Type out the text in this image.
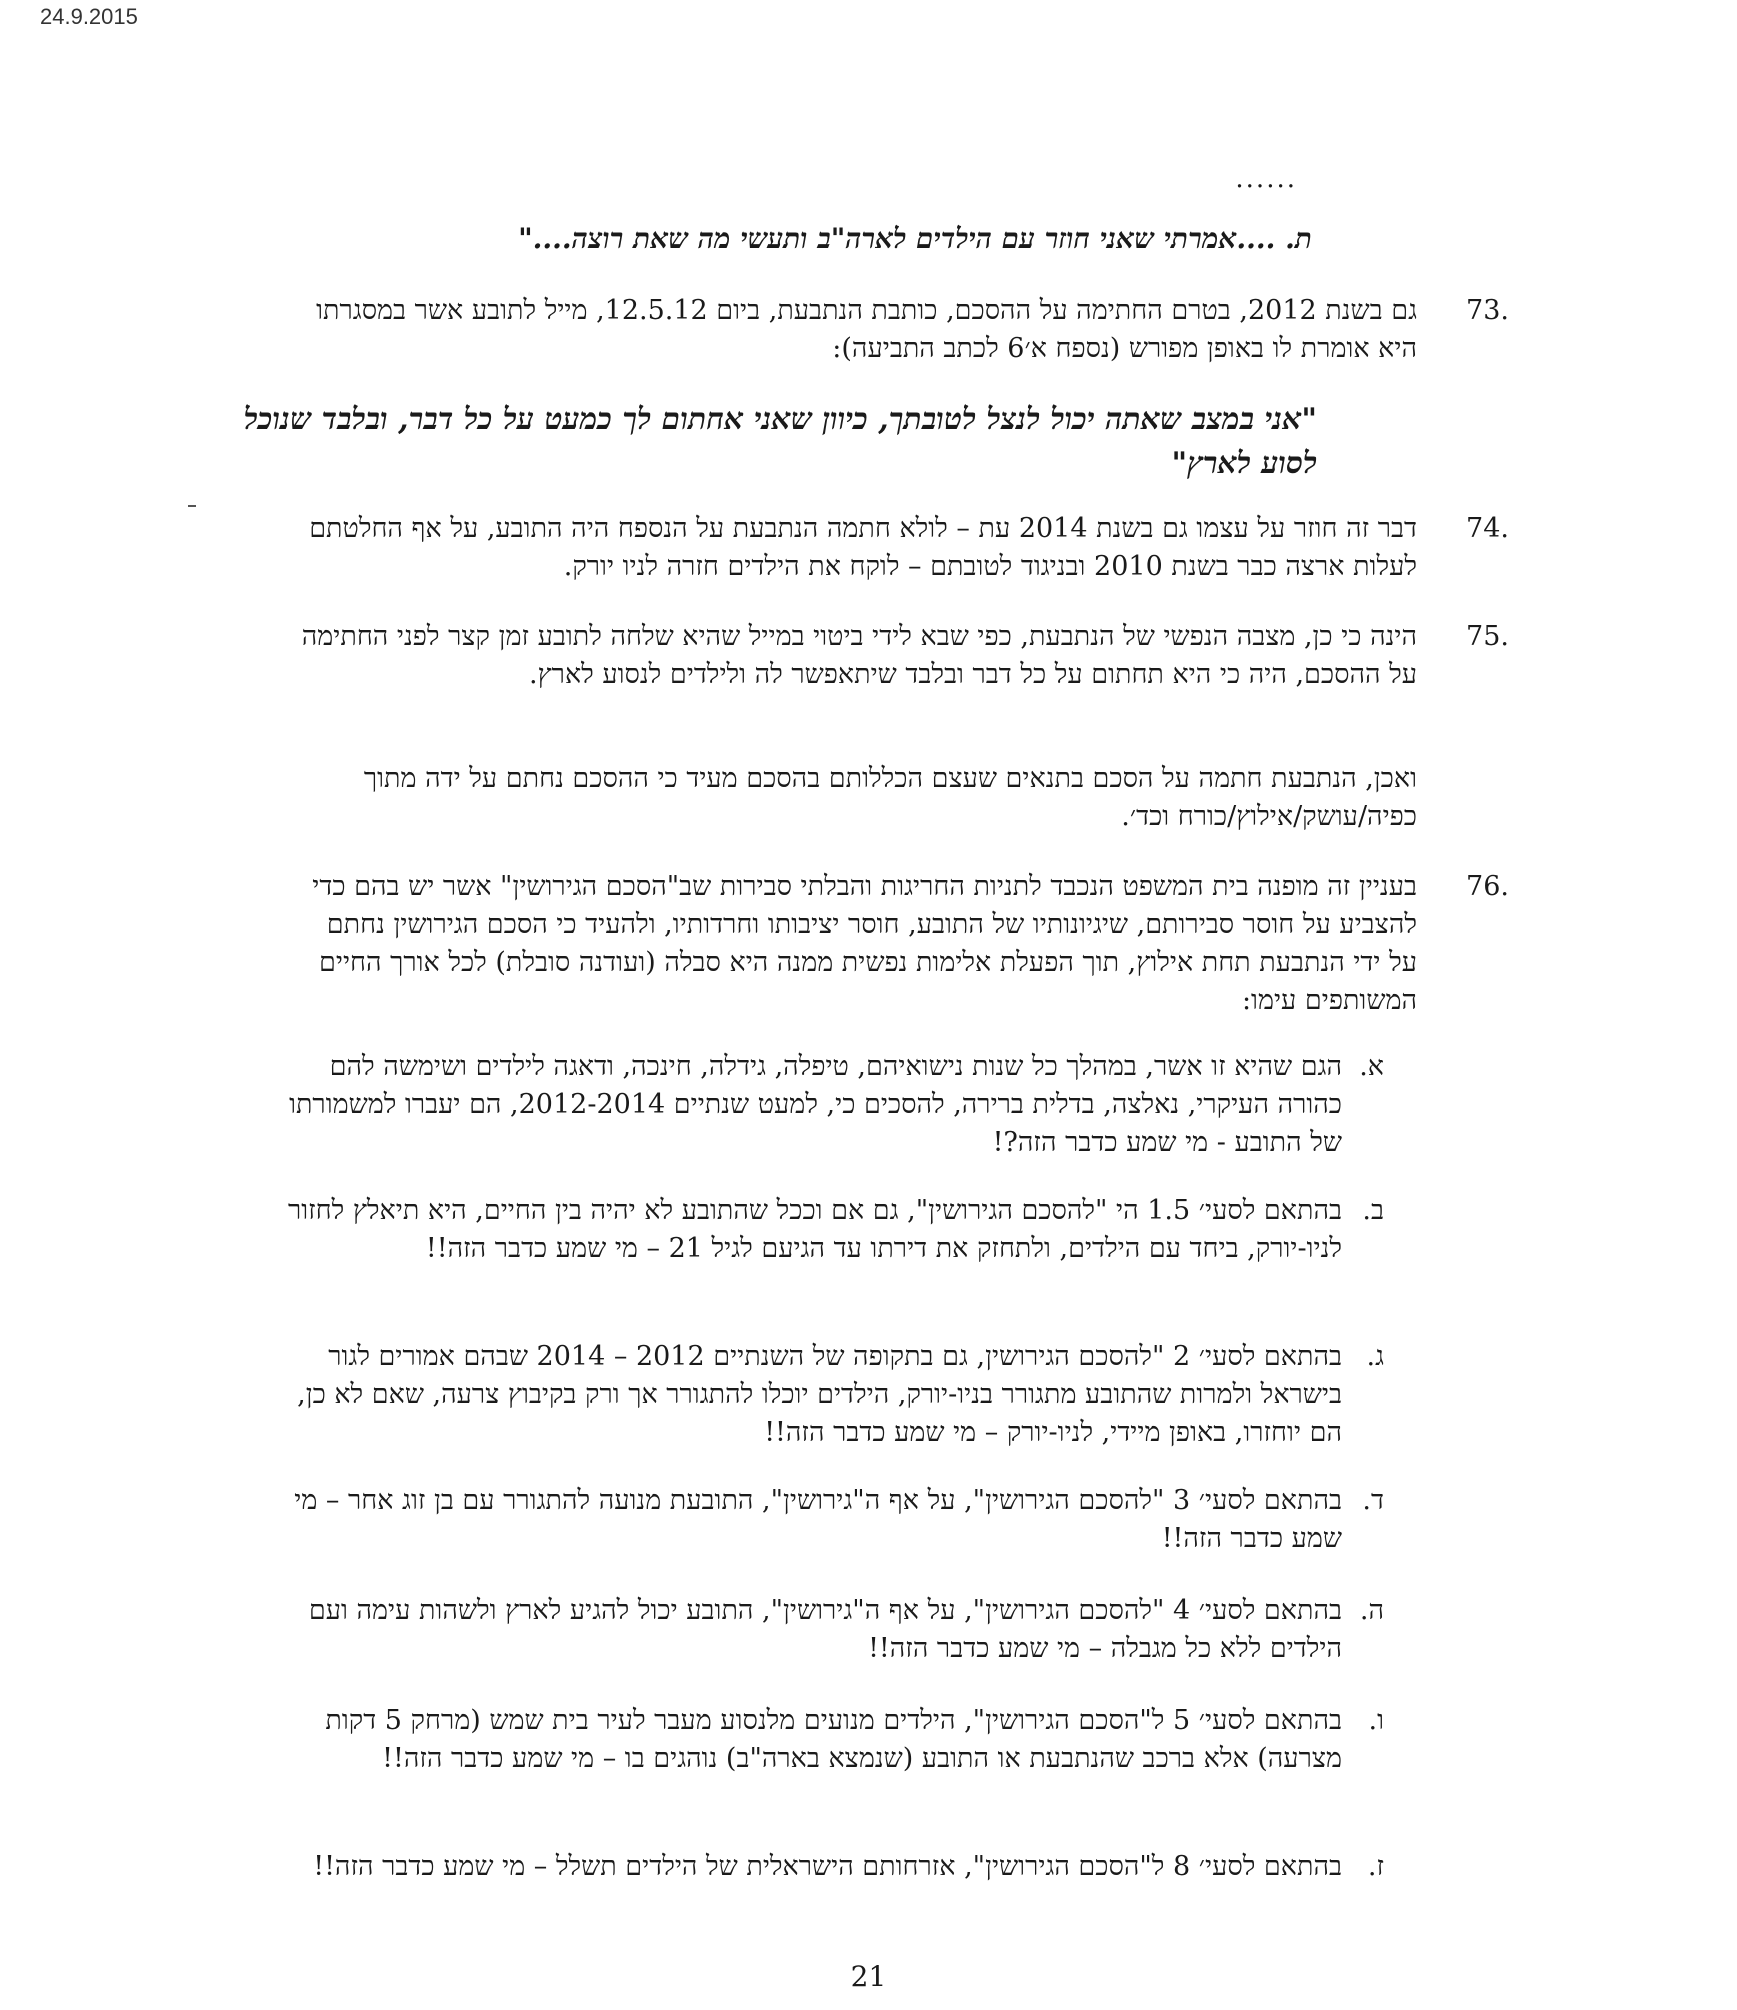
24.9.2015
......
ת. ....אמרתי שאני חוזר עם הילדים לארה"ב ותעשי מה שאת רוצה...."
73.
גם בשנת 2012, בטרם החתימה על ההסכם, כותבת הנתבעת, ביום 12.5.12, מייל לתובע אשר במסגרתו היא אומרת לו באופן מפורש (נספח א׳6 לכתב התביעה):
"אני במצב שאתה יכול לנצל לטובתך, כיוון שאני אחתום לך כמעט על כל דבר, ובלבד שנוכל לסוע לארץ"
74.
דבר זה חוזר על עצמו גם בשנת 2014 עת – לולא חתמה הנתבעת על הנספח היה התובע, על אף החלטתם לעלות ארצה כבר בשנת 2010 ובניגוד לטובתם – לוקח את הילדים חזרה לניו יורק.
75.
הינה כי כן, מצבה הנפשי של הנתבעת, כפי שבא לידי ביטוי במייל שהיא שלחה לתובע זמן קצר לפני החתימה על ההסכם, היה כי היא תחתום על כל דבר ובלבד שיתאפשר לה ולילדים לנסוע לארץ.
ואכן, הנתבעת חתמה על הסכם בתנאים שעצם הכללותם בהסכם מעיד כי ההסכם נחתם על ידה מתוך כפיה/עושק/אילוץ/כורח וכד׳.
76.
בעניין זה מופנה בית המשפט הנכבד לתניות החריגות והבלתי סבירות שב"הסכם הגירושין" אשר יש בהם כדי להצביע על חוסר סבירותם, שיגיונותיו של התובע, חוסר יציבותו וחרדותיו, ולהעיד כי הסכם הגירושין נחתם על ידי הנתבעת תחת אילוץ, תוך הפעלת אלימות נפשית ממנה היא סבלה (ועודנה סובלת) לכל אורך החיים המשותפים עימו:
א.
הגם שהיא זו אשר, במהלך כל שנות נישואיהם, טיפלה, גידלה, חינכה, ודאגה לילדים ושימשה להם כהורה העיקרי, נאלצה, בדלית ברירה, להסכים כי, למעט שנתיים 2012-2014, הם יעברו למשמורתו של התובע - מי שמע כדבר הזה?!
ב.
בהתאם לסעי׳ 1.5 הי "להסכם הגירושין", גם אם וככל שהתובע לא יהיה בין החיים, היא תיאלץ לחזור לניו-יורק, ביחד עם הילדים, ולתחזק את דירתו עד הגיעם לגיל 21 – מי שמע כדבר הזה!!
ג.
בהתאם לסעי׳ 2 "להסכם הגירושין, גם בתקופה של השנתיים 2012 – 2014 שבהם אמורים לגור בישראל ולמרות שהתובע מתגורר בניו-יורק, הילדים יוכלו להתגורר אך ורק בקיבוץ צרעה, שאם לא כן, הם יוחזרו, באופן מיידי, לניו-יורק – מי שמע כדבר הזה!!
ד.
בהתאם לסעי׳ 3 "להסכם הגירושין", על אף ה"גירושין", התובעת מנועה להתגורר עם בן זוג אחר – מי שמע כדבר הזה!!
ה.
בהתאם לסעי׳ 4 "להסכם הגירושין", על אף ה"גירושין", התובע יכול להגיע לארץ ולשהות עימה ועם הילדים ללא כל מגבלה – מי שמע כדבר הזה!!
ו.
בהתאם לסעי׳ 5 ל"הסכם הגירושין", הילדים מנועים מלנסוע מעבר לעיר בית שמש (מרחק 5 דקות מצרעה) אלא ברכב שהנתבעת או התובע (שנמצא בארה"ב) נוהגים בו – מי שמע כדבר הזה!!
ז.
בהתאם לסעי׳ 8 ל"הסכם הגירושין", אזרחותם הישראלית של הילדים תשלל – מי שמע כדבר הזה!!
21
